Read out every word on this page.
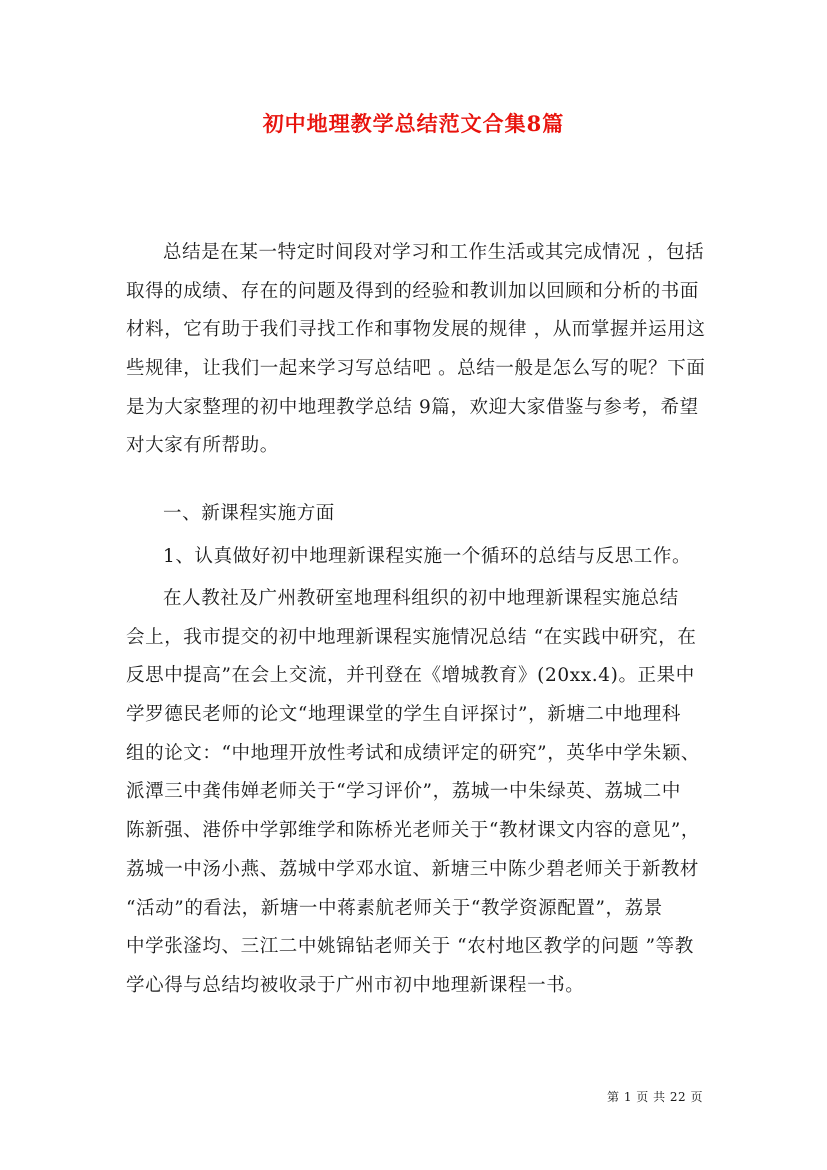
初中地理教学总结范文合集8篇
总结是在某一特定时间段对学习和工作生活或其完成情况 ，包括
取得的成绩、存在的问题及得到的经验和教训加以回顾和分析的书面
材料，它有助于我们寻找工作和事物发展的规律 ，从而掌握并运用这
些规律，让我们一起来学习写总结吧 。总结一般是怎么写的呢？下面
是为大家整理的初中地理教学总结 9篇，欢迎大家借鉴与参考，希望
对大家有所帮助。
一、新课程实施方面
1、认真做好初中地理新课程实施一个循环的总结与反思工作。
在人教社及广州教研室地理科组织的初中地理新课程实施总结
会上，我市提交的初中地理新课程实施情况总结 “在实践中研究，在
反思中提高”在会上交流，并刊登在《增城教育》(20xx.4)。正果中
学罗德民老师的论文“地理课堂的学生自评探讨”，新塘二中地理科
组的论文：“中地理开放性考试和成绩评定的研究”，英华中学朱颖、
派潭三中龚伟婵老师关于“学习评价”，荔城一中朱绿英、荔城二中
陈新强、港侨中学郭维学和陈桥光老师关于“教材课文内容的意见”，
荔城一中汤小燕、荔城中学邓水谊、新塘三中陈少碧老师关于新教材
“活动”的看法，新塘一中蒋素航老师关于“教学资源配置”，荔景
中学张滏均、三江二中姚锦钻老师关于 “农村地区教学的问题 ”等教
学心得与总结均被收录于广州市初中地理新课程一书。
第 1 页 共 22 页
